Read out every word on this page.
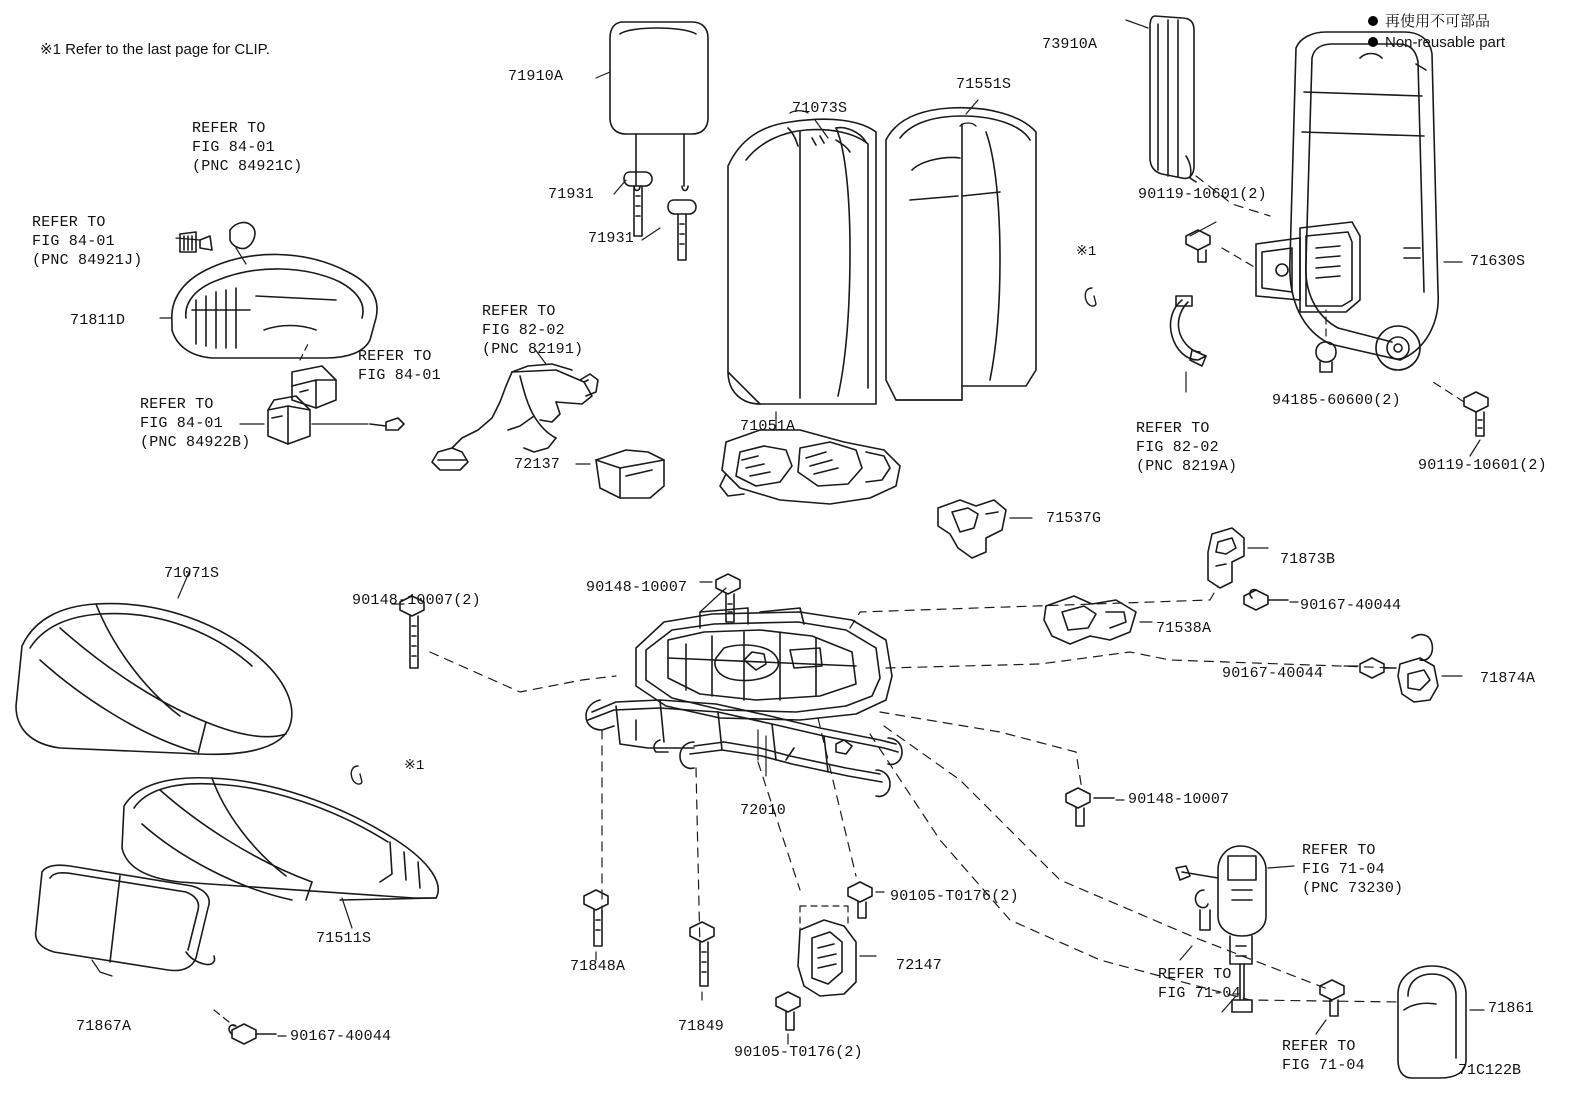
※1 Refer to the last page for CLIP.
再使用不可部品
Non-reusable part
71910A
71073S
71551S
73910A
71630S
71931
71931
71811D
72137
71051A
71537G
71873B
71538A
71874A
71071S
71511S
71867A
72010
71848A
71849
72147
71861
90119-10601(2)
90119-10601(2)
94185-60600(2)
90148-10007(2)
90148-10007
90148-10007
90167-40044
90167-40044
90167-40044
90105-T0176(2)
90105-T0176(2)
REFER TO
FIG 84-01
(PNC 84921C)
REFER TO
FIG 84-01
(PNC 84921J)
REFER TO
FIG 84-01
(PNC 84922B)
REFER TO
FIG 84-01
REFER TO
FIG 82-02
(PNC 82191)
REFER TO
FIG 82-02
(PNC 8219A)
REFER TO
FIG 71-04
(PNC 73230)
REFER TO
FIG 71-04
REFER TO
FIG 71-04
※1
※1
71C122B
